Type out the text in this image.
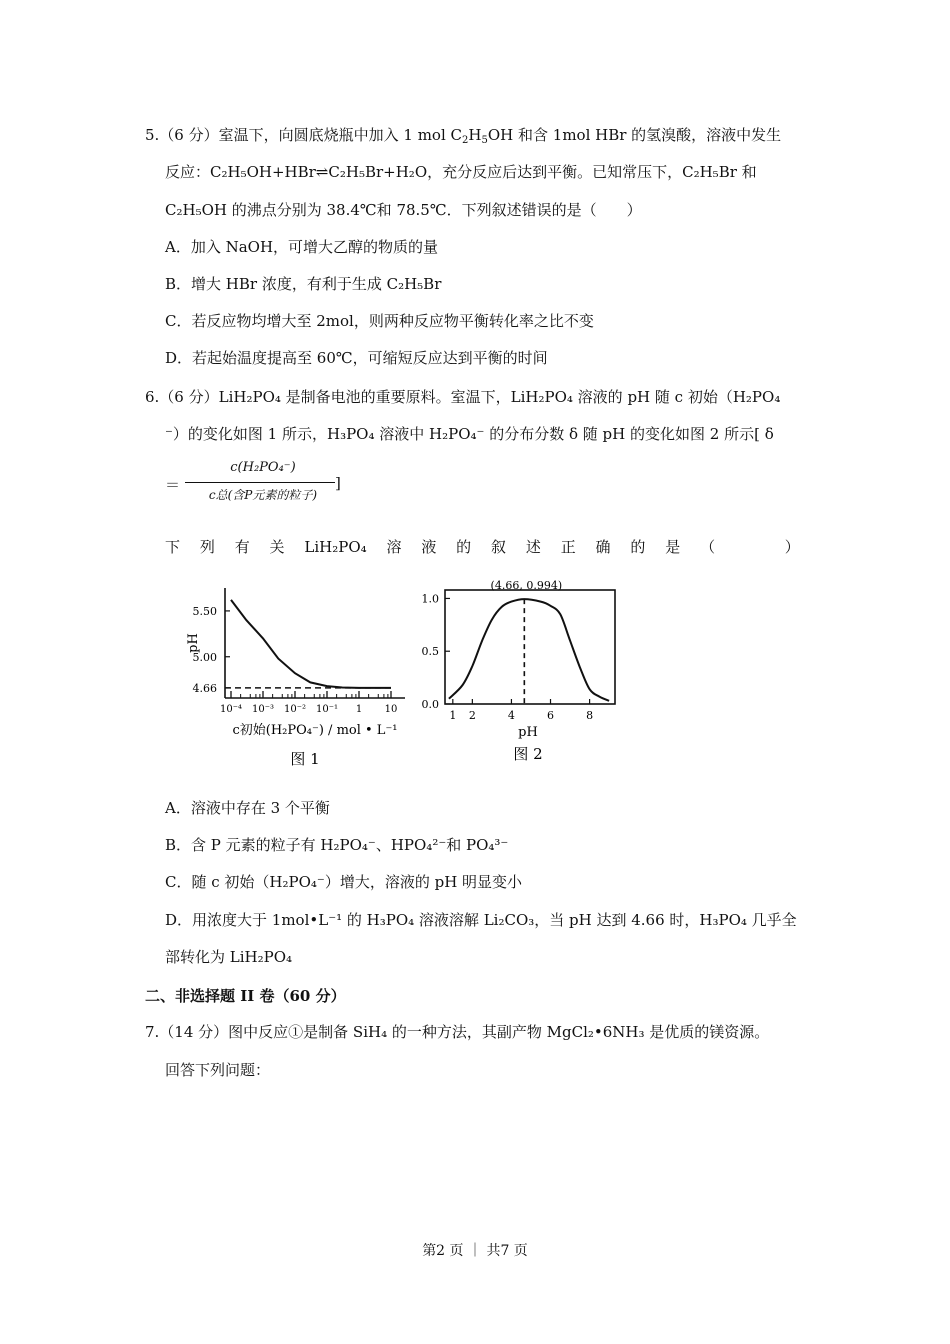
5.（6 分）室温下，向圆底烧瓶中加入 1 mol $C_2H_5OH$ 和含 1mol HBr 的氢溴酸，溶液中发生
反应：C₂H₅OH+HBr⇌C₂H₅Br+H₂O，充分反应后达到平衡。已知常压下，C₂H₅Br 和
C₂H₅OH 的沸点分别为 38.4℃和 78.5℃．下列叙述错误的是（　　）
A．加入 NaOH，可增大乙醇的物质的量
B．增大 HBr 浓度，有利于生成 C₂H₅Br
C．若反应物均增大至 2mol，则两种反应物平衡转化率之比不变
D．若起始温度提高至 60℃，可缩短反应达到平衡的时间
6.（6 分）LiH₂PO₄ 是制备电池的重要原料。室温下，LiH₂PO₄ 溶液的 pH 随 c 初始（H₂PO₄
⁻）的变化如图 1 所示，H₃PO₄ 溶液中 H₂PO₄⁻ 的分布分数 δ 随 pH 的变化如图 2 所示[ δ
＝
c(H₂PO₄⁻)
c总(含P元素的粒子)
]
下 列 有 关 LiH₂PO₄ 溶 液 的 叙 述 正 确 的 是 （
　　	）
5.50
5.00
4.66
10⁻⁴ 10⁻³ 10⁻² 10⁻¹ 1 10
pH
c初始(H₂PO₄⁻) / mol • L⁻¹
图 1
1.0
0.5
0.0
1 2	4	6	8
(4.66, 0.994)
pH
图 2
A．溶液中存在 3 个平衡
B．含 P 元素的粒子有 H₂PO₄⁻、HPO₄²⁻和 PO₄³⁻
C．随 c 初始（H₂PO₄⁻）增大，溶液的 pH 明显变小
D．用浓度大于 1mol•L⁻¹ 的 H₃PO₄ 溶液溶解 Li₂CO₃，当 pH 达到 4.66 时，H₃PO₄ 几乎全
部转化为 LiH₂PO₄
二、非选择题 II 卷（60 分）
7.（14 分）图中反应①是制备 SiH₄ 的一种方法，其副产物 MgCl₂•6NH₃ 是优质的镁资源。
回答下列问题：
第2 页 ｜ 共7 页
